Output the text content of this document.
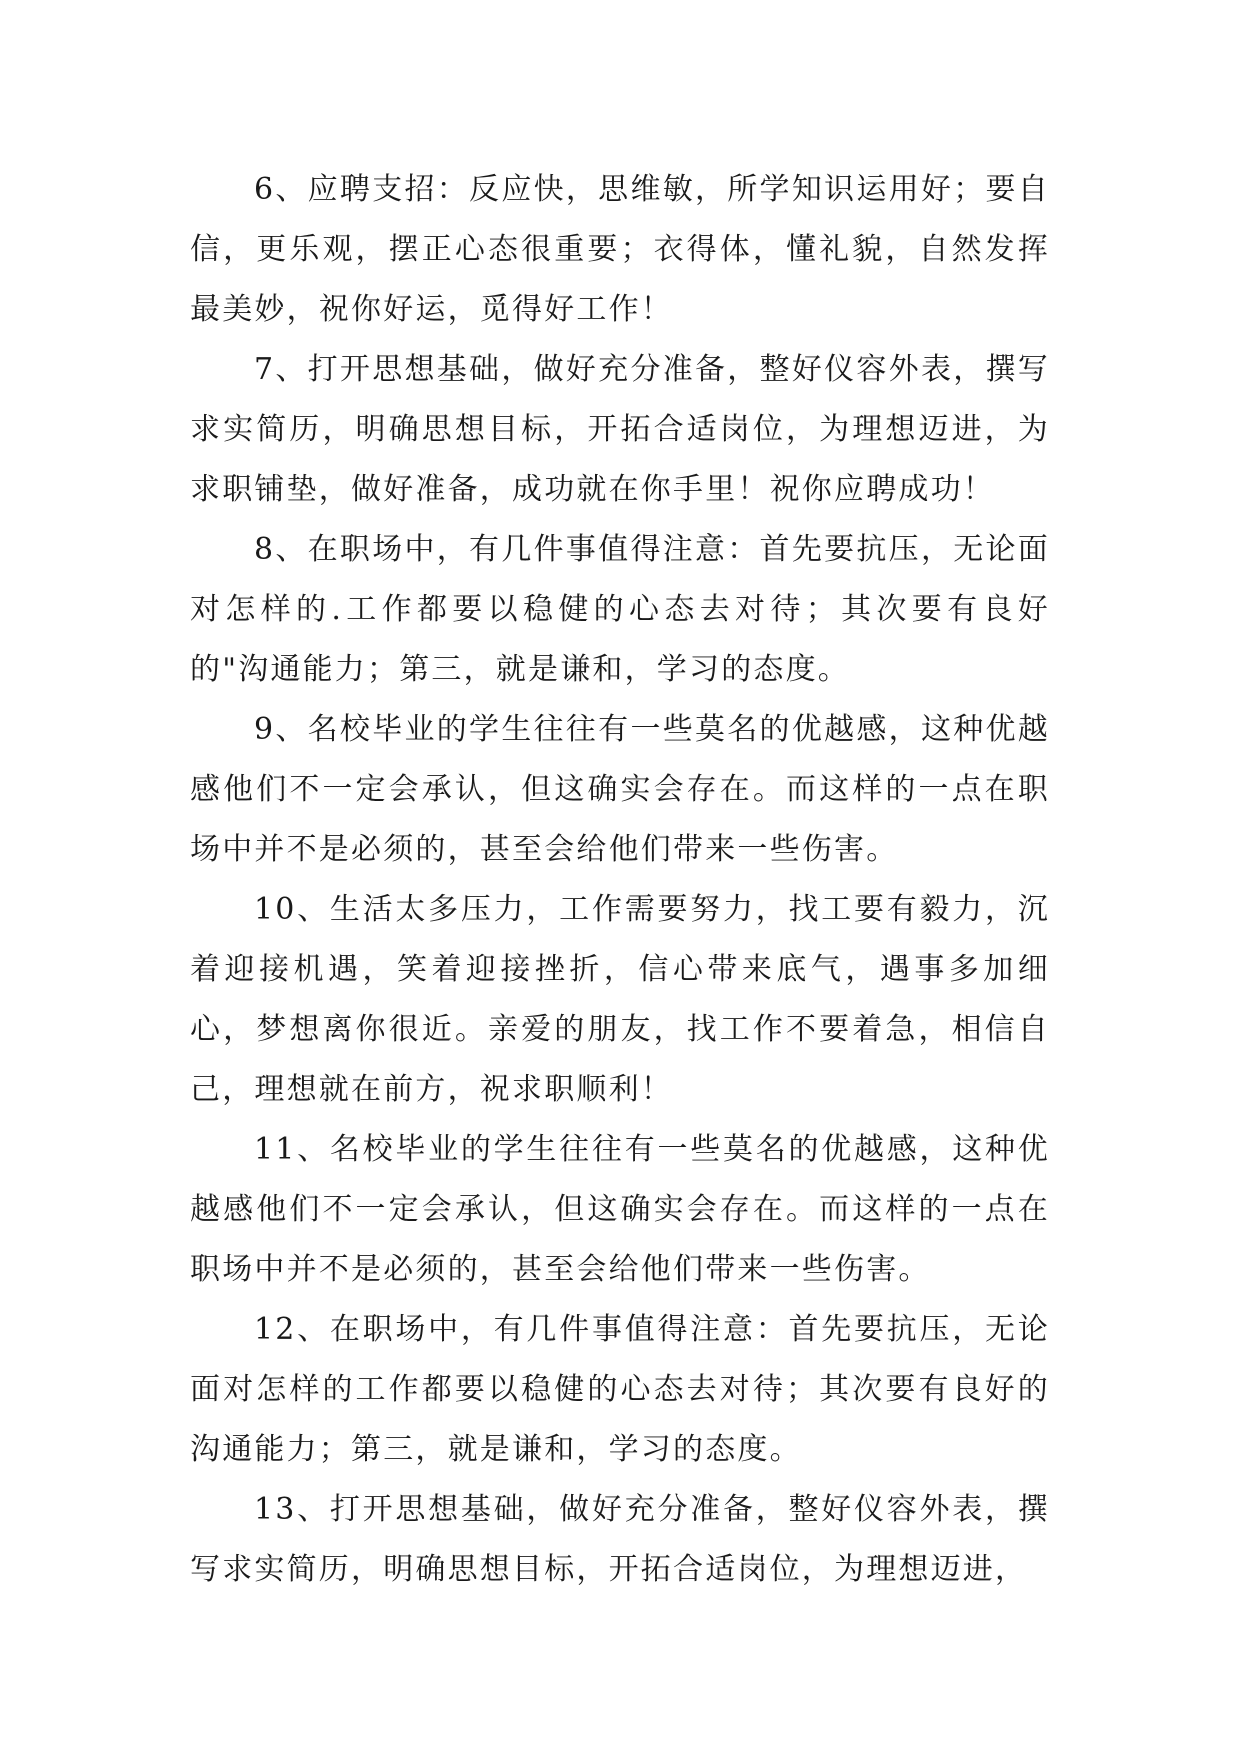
6、应聘支招：反应快，思维敏，所学知识运用好；要自信，更乐观，摆正心态很重要；衣得体，懂礼貌，自然发挥最美妙，祝你好运，觅得好工作！

7、打开思想基础，做好充分准备，整好仪容外表，撰写求实简历，明确思想目标，开拓合适岗位，为理想迈进，为求职铺垫，做好准备，成功就在你手里！祝你应聘成功！

8、在职场中，有几件事值得注意：首先要抗压，无论面对怎样的.工作都要以稳健的心态去对待；其次要有良好的"沟通能力；第三，就是谦和，学习的态度。

9、名校毕业的学生往往有一些莫名的优越感，这种优越感他们不一定会承认，但这确实会存在。而这样的一点在职场中并不是必须的，甚至会给他们带来一些伤害。

10、生活太多压力，工作需要努力，找工要有毅力，沉着迎接机遇，笑着迎接挫折，信心带来底气，遇事多加细心，梦想离你很近。亲爱的朋友，找工作不要着急，相信自己，理想就在前方，祝求职顺利！

11、名校毕业的学生往往有一些莫名的优越感，这种优越感他们不一定会承认，但这确实会存在。而这样的一点在职场中并不是必须的，甚至会给他们带来一些伤害。

12、在职场中，有几件事值得注意：首先要抗压，无论面对怎样的工作都要以稳健的心态去对待；其次要有良好的沟通能力；第三，就是谦和，学习的态度。

13、打开思想基础，做好充分准备，整好仪容外表，撰写求实简历，明确思想目标，开拓合适岗位，为理想迈进，
